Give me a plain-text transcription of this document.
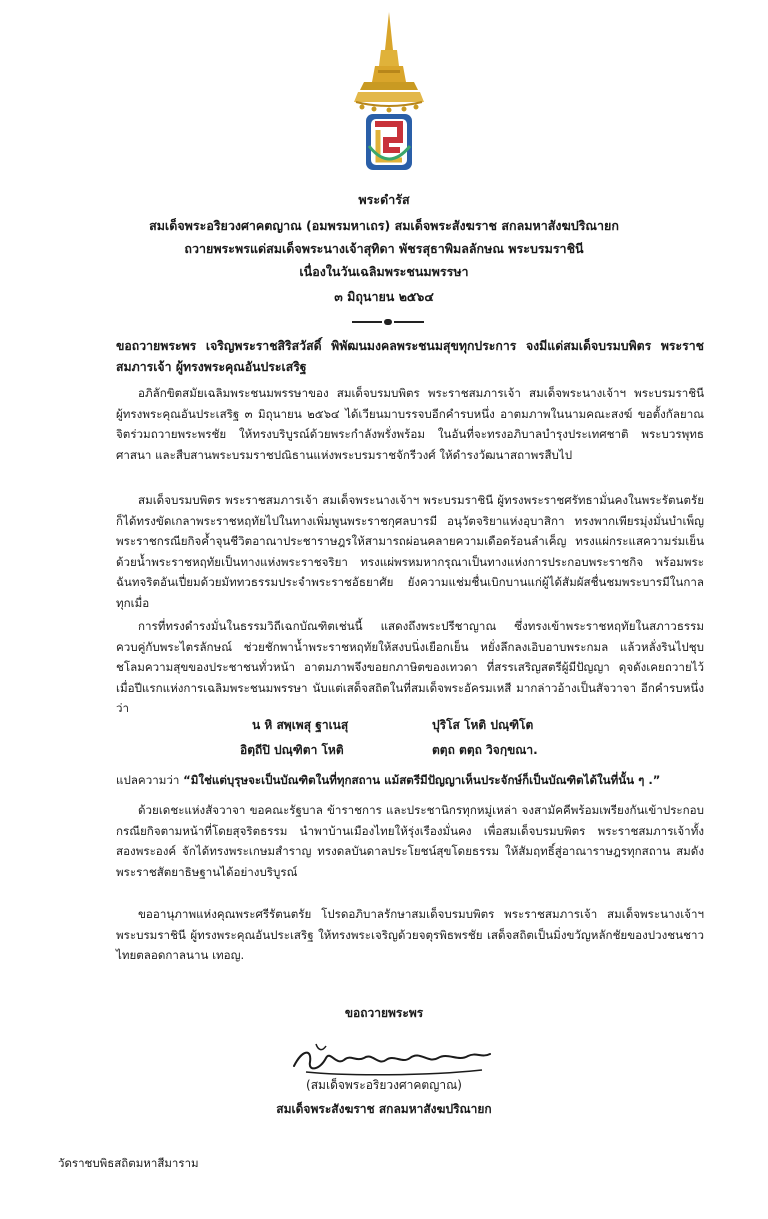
พระดำรัส
สมเด็จพระอริยวงศาคตญาณ (อมพรมหาเถร) สมเด็จพระสังฆราช สกลมหาสังฆปริณายก
ถวายพระพรแด่สมเด็จพระนางเจ้าสุทิดา พัชรสุธาพิมลลักษณ พระบรมราชินี
เนื่องในวันเฉลิมพระชนมพรรษา
๓ มิถุนายน ๒๕๖๔

ขอถวายพระพร เจริญพระราชสิริสวัสดิ์ พิพัฒนมงคลพระชนมสุขทุกประการ จงมีแด่สมเด็จบรมบพิตร พระราชสมภารเจ้า ผู้ทรงพระคุณอันประเสริฐ

อภิลักขิตสมัยเฉลิมพระชนมพรรษาของ สมเด็จบรมบพิตร พระราชสมภารเจ้า สมเด็จพระนางเจ้าฯ พระบรมราชินี ผู้ทรงพระคุณอันประเสริฐ ๓ มิถุนายน ๒๕๖๔ ได้เวียนมาบรรจบอีกคำรบหนึ่ง อาตมภาพในนามคณะสงฆ์ ขอตั้งกัลยาณจิตร่วมถวายพระพรชัย ให้ทรงบริบูรณ์ด้วยพระกำลังพรั่งพร้อม ในอันที่จะทรงอภิบาลบำรุงประเทศชาติ พระบวรพุทธศาสนา และสืบสานพระบรมราชปณิธานแห่งพระบรมราชจักรีวงศ์ ให้ดำรงวัฒนาสถาพรสืบไป

สมเด็จบรมบพิตร พระราชสมภารเจ้า สมเด็จพระนางเจ้าฯ พระบรมราชินี ผู้ทรงพระราชศรัทธามั่นคงในพระรัตนตรัย ก็ได้ทรงขัดเกลาพระราชหฤทัยไปในทางเพิ่มพูนพระราชกุศลบารมี อนุวัตจริยาแห่งอุบาสิกา ทรงพากเพียรมุ่งมั่นบำเพ็ญพระราชกรณียกิจค้ำจุนชีวิตอาณาประชาราษฎรให้สามารถผ่อนคลายความเดือดร้อนลำเค็ญ ทรงแผ่กระแสความร่มเย็นด้วยน้ำพระราชหฤทัยเป็นทางแห่งพระราชจริยา ทรงแผ่พรหมหากรุณาเป็นทางแห่งการประกอบพระราชกิจ พร้อมพระฉันทจริตอันเปี่ยมด้วยมัททวธรรมประจำพระราชอัธยาศัย ยังความแช่มชื่นเบิกบานแก่ผู้ได้สัมผัสชื่นชมพระบารมีในกาลทุกเมื่อ

การที่ทรงดำรงมั่นในธรรมวิถีเฉกบัณฑิตเช่นนี้ แสดงถึงพระปรีชาญาณ ซึ่งทรงเข้าพระราชหฤทัยในสภาวธรรมควบคู่กับพระไตรลักษณ์ ช่วยชักพาน้ำพระราชหฤทัยให้สงบนิ่งเยือกเย็น หยั่งลึกลงเอิบอาบพระกมล แล้วหลั่งรินไปชุบชโลมความสุขของประชาชนทั่วหน้า อาตมภาพจึงขอยกภาษิตของเทวดา ที่สรรเสริญสตรีผู้มีปัญญา ดุจดังเคยถวายไว้ เมื่อปีแรกแห่งการเฉลิมพระชนมพรรษา นับแต่เสด็จสถิตในที่สมเด็จพระอัครมเหสี มากล่าวอ้างเป็นสัจวาจา อีกคำรบหนึ่ง ว่า

น หิ สพฺเพสุ ฐาเนสุ	ปุริโส โหติ ปณฺฑิโต
อิตฺถีปิ ปณฺฑิตา โหติ	ตตฺถ ตตฺถ วิจกฺขณา.
แปลความว่า “มิใช่แต่บุรุษจะเป็นบัณฑิตในที่ทุกสถาน แม้สตรีมีปัญญาเห็นประจักษ์ก็เป็นบัณฑิตได้ในที่นั้น ๆ .”

ด้วยเดชะแห่งสัจวาจา ขอคณะรัฐบาล ข้าราชการ และประชานิกรทุกหมู่เหล่า จงสามัคคีพร้อมเพรียงกันเข้าประกอบกรณียกิจตามหน้าที่โดยสุจริตธรรม นำพาบ้านเมืองไทยให้รุ่งเรืองมั่นคง เพื่อสมเด็จบรมบพิตร พระราชสมภารเจ้าทั้งสองพระองค์ จักได้ทรงพระเกษมสำราญ ทรงดลบันดาลประโยชน์สุขโดยธรรม ให้สัมฤทธิ์สู่อาณาราษฎรทุกสถาน สมดังพระราชสัตยาธิษฐานได้อย่างบริบูรณ์

ขออานุภาพแห่งคุณพระศรีรัตนตรัย โปรดอภิบาลรักษาสมเด็จบรมบพิตร พระราชสมภารเจ้า สมเด็จพระนางเจ้าฯ พระบรมราชินี ผู้ทรงพระคุณอันประเสริฐ ให้ทรงพระเจริญด้วยจตุรพิธพรชัย เสด็จสถิตเป็นมิ่งขวัญหลักชัยของปวงชนชาวไทยตลอดกาลนาน เทอญ.

ขอถวายพระพร
(สมเด็จพระอริยวงศาคตญาณ)
สมเด็จพระสังฆราช สกลมหาสังฆปริณายก
วัดราชบพิธสถิตมหาสีมาราม
